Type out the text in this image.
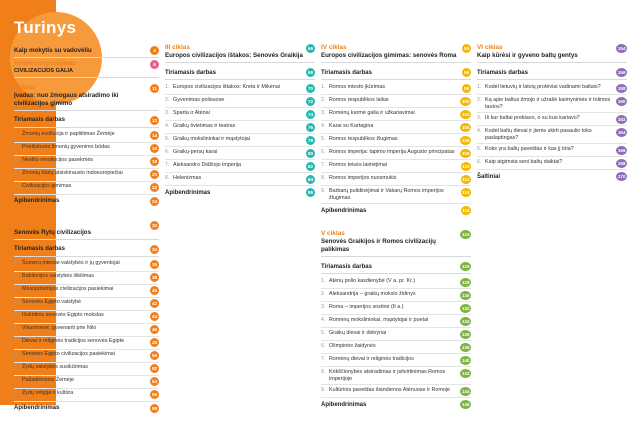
Turinys
Kaip mokytis su vadovėliu	4
Reiškinio tyrinėjimas
CIVILIZACIJOS GALIA
6
I ciklas
Įvadas: nuo žmogaus atsiradimo iki civilizacijos gimimo
11
Tiriamasis darbas	12
1. Žmonių evoliucija ir papliitimas Žemėje	14
2. Priešistorės žmonių gyvenimo būdas	16
3. Neolito revoliucijos pasekmės	18
4. Žmonių būrių atsiskirausto indoeuropiečiai	20
5. Civilizacijos gimimas	22
Apibendrinimas	24
II ciklas
Senovės Rytų civilizacijos
32
Tiriamasis darbas	34
1. Šumerų miestai-valstybės ir jų gyventojai	36
2. Babilonijos valstybės iškilimas	38
3. Mesopotamijos civilizacijos pasiekimai	40
4. Senovės Egipto valstybė	42
5. Išskirtinis senovės Egipto mokslas	44
6. Visuomenė, gyvenanti prie Nilo	46
7. Dievai ir religinės tradicijos senovės Egipte	48
8. Senovės Egipto civilizacijos pasiekimai	50
9. Žydų valstybės susikūrimas	52
10. Pažadėtosios Žemėje	54
11. Žydų religija ir kultūra	56
Apibendrinimas	58
III ciklas
Europos civilizacijos ištakos: Senovės Graikija
66
Tiriamasis darbas	68
1. Europos civilizacijos ištakos: Kreta ir Mikėnai	70
2. Gyvenimas polisuose	72
3. Sparta ir Atėnai	74
4. Graikų švietimas ir teatras	76
5. Graikų mokslininkai ir mąstytojai	78
6. Graikų-persų karai	80
7. Aleksandro Didžiojo imperija	82
8. Helenizmas	84
Apibendrinimas	86
IV ciklas
Europos civilizacijos gimimas: senovės Roma
94
Tiriamasis darbas	96
1. Romos miesto įkūrimas	98
2. Romos respublikos laikai	100
3. Romėnų karmė galia ir užkariavimai	102
4. Karai su Kartagina	104
5. Romos respublikos žlugimas	106
6. Romos imperija: tapimo imperija Augusto principatas	108
7. Romos teisės laimėjimai	110
8. Romos imperijos nuosmukis	112
9. Barbarų pulidinėjimai ir Vakarų Romos imperijos žlugimas
114
Apibendrinimas	116
V ciklas
Senovės Graikijos ir Romos civilizacijų palikimas
124
Tiriamasis darbas	126
1. Atėnų polio kasdienybė (V a. pr. Kr.)	128
2. Aleksandrija – graikų mokslo židinys	130
3. Roma – imperijos sostinė (II a.)	132
4. Romėnų mokslininkai, mąstytojai ir poetai	134
5. Graikų dievai ir didvyriai	136
6. Olimpinės žaidynės	138
7. Romėnų dievai ir religinės tradicijos	140
8. Krikščionybės atsiradimas ir įsitvirtinimas Romos imperijoje
142
9. Kultūrinis paveldas šiandienos Atėnuose ir Romoje	144
Apibendrinimas	146
VI ciklas
Kaip kūrėsi ir gyveno baltų gentys
154
Tiriamasis darbas	156
1. Kodėl lietuvių ir latvių protėviai vadinami baltais?	158
2. Ką apie baltus žmojo ir užrašė kaimynimės ir tolimos tautos?
160
3. Iš kur baltai prekiavo, o su kuo kariavo?	162
4. Kodėl baltų dievai ir jiems skirti pasaulio toks paslaptingas?
164
5. Koks yra baltų paveldas ir kas jį tiria?	166
6. Kaip atgimsta seni baltų daiktai?	168
Šaltiniai	170
